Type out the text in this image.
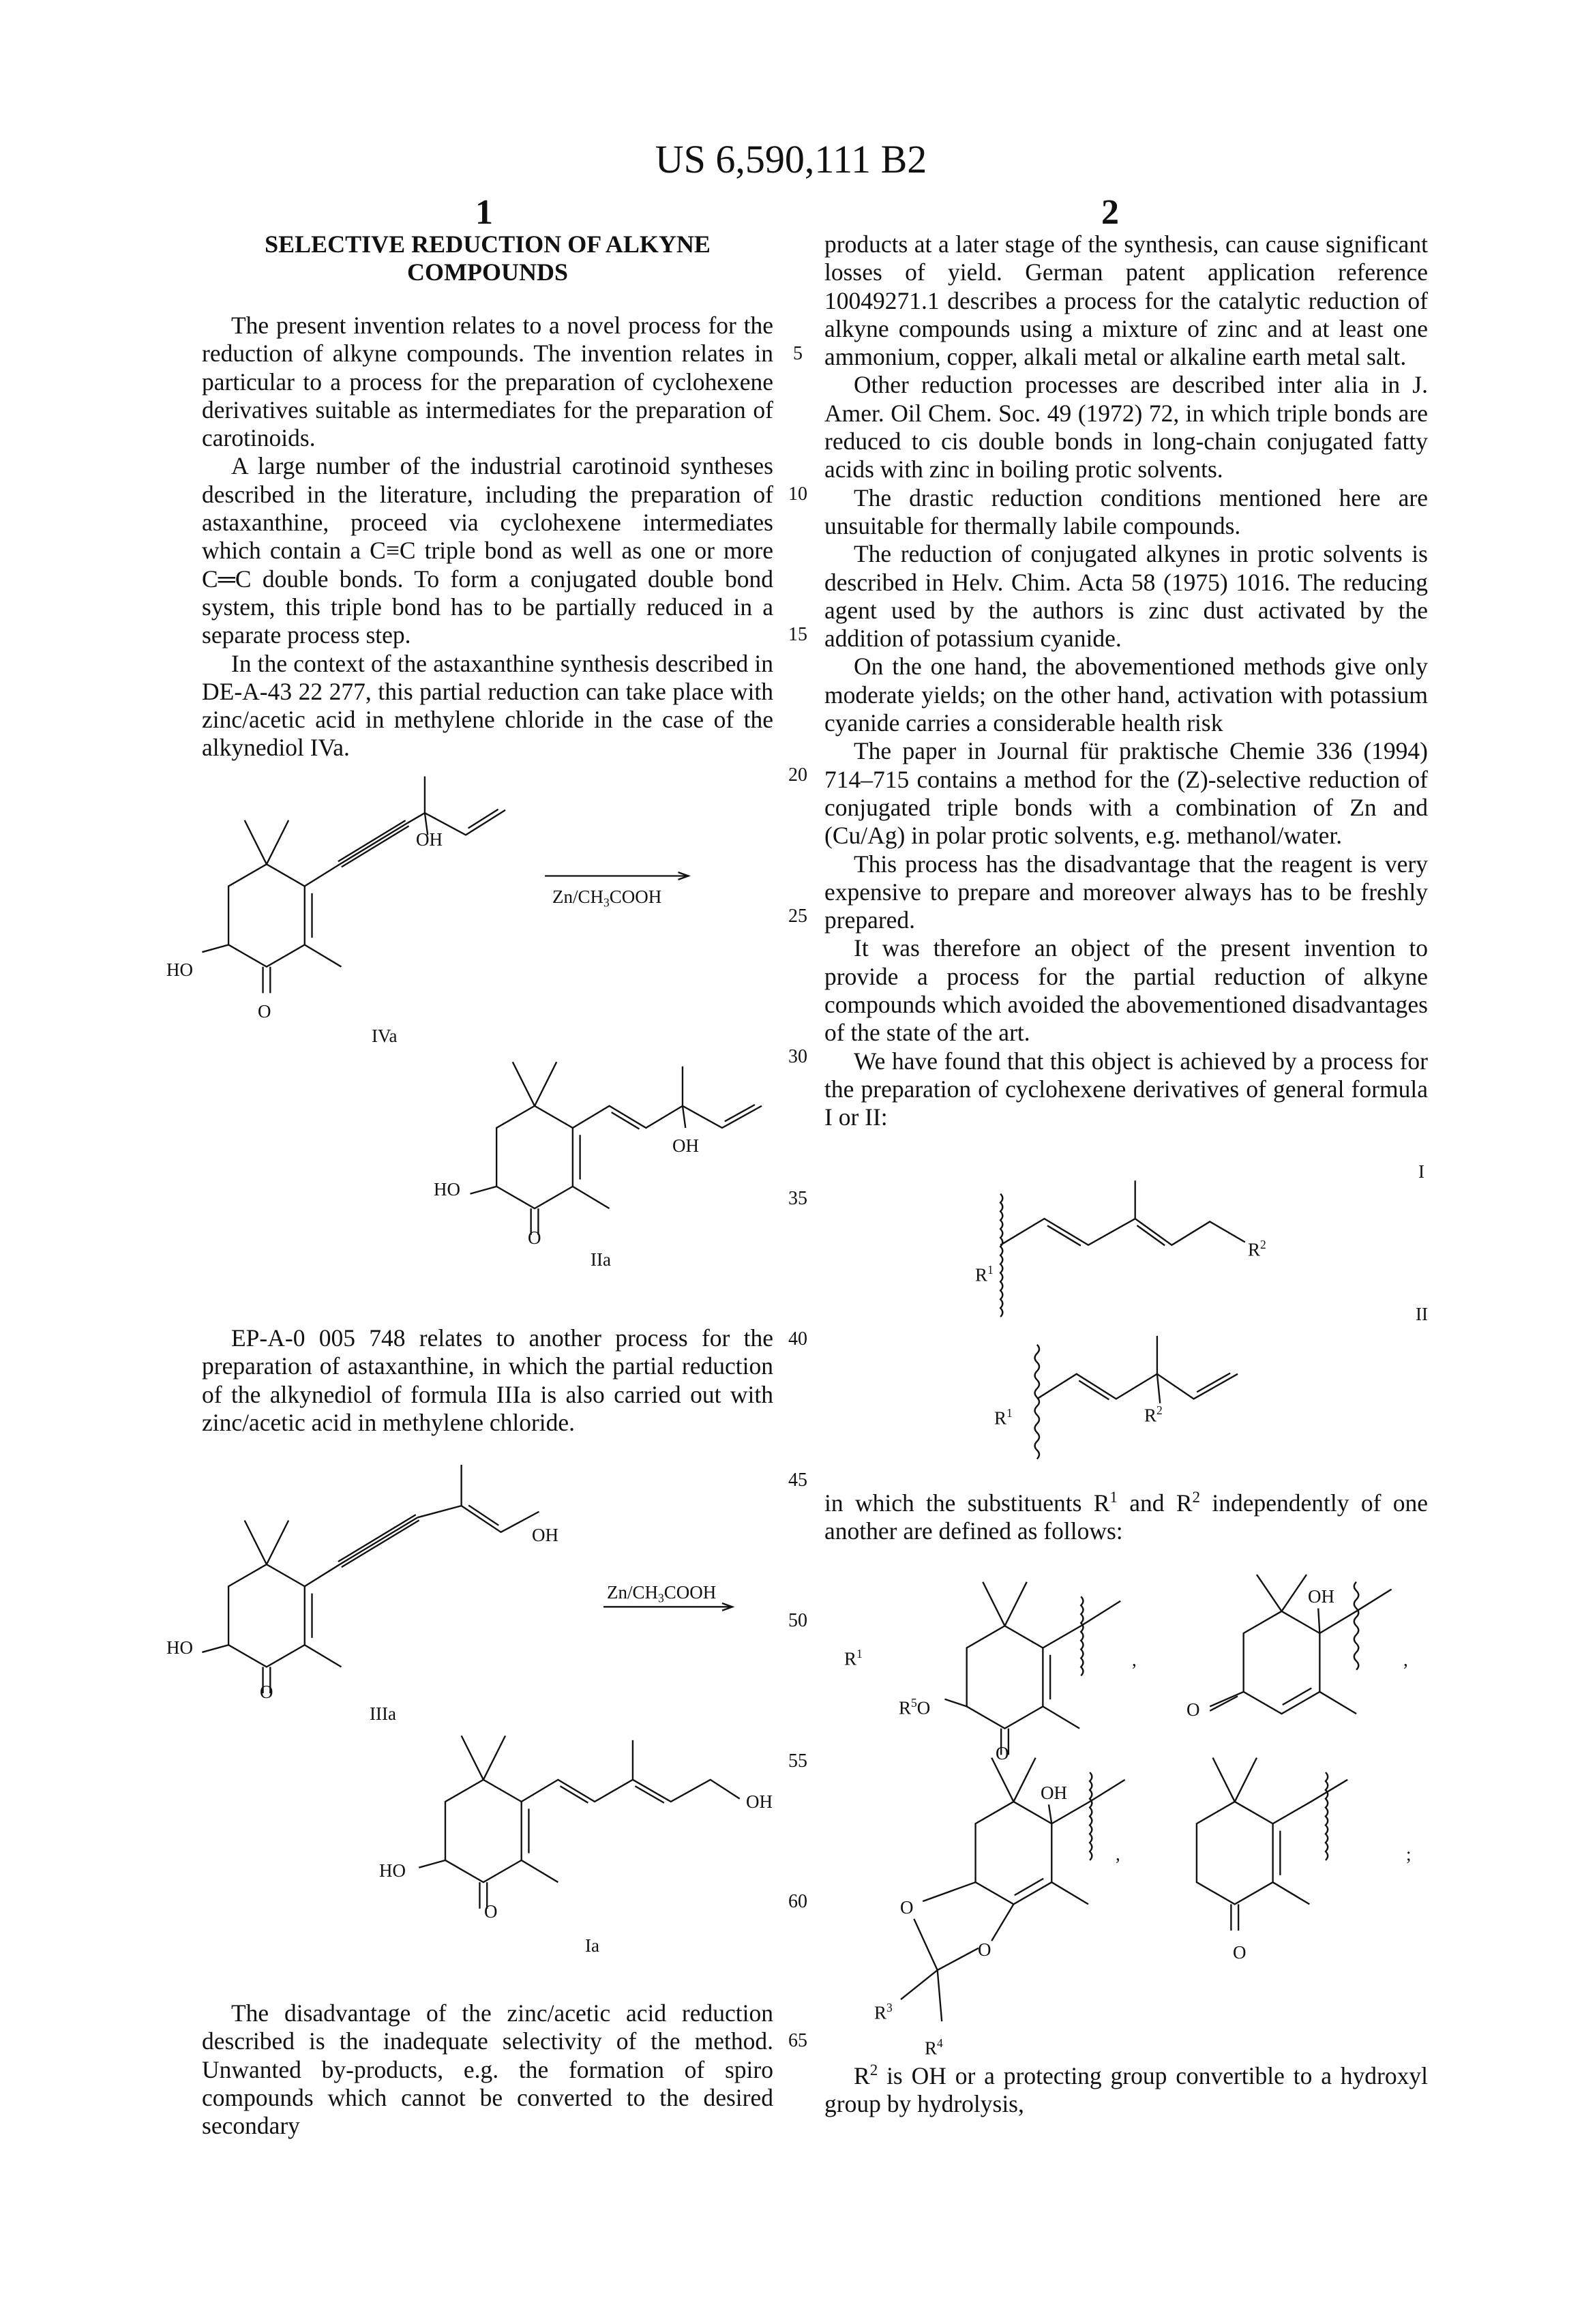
US 6,590,111 B2
1	2
SELECTIVE REDUCTION OF ALKYNE
COMPOUNDS

The present invention relates to a novel process for the reduction of alkyne compounds. The invention relates in particular to a process for the preparation of cyclohexene derivatives suitable as intermediates for the preparation of carotinoids.

A large number of the industrial carotinoid syntheses described in the literature, including the preparation of astaxanthine, proceed via cyclohexene intermediates which contain a C≡C triple bond as well as one or more C═C double bonds. To form a conjugated double bond system, this triple bond has to be partially reduced in a separate process step.

In the context of the astaxanthine synthesis described in DE-A-43 22 277, this partial reduction can take place with zinc/acetic acid in methylene chloride in the case of the alkynediol IVa.

EP-A-0 005 748 relates to another process for the preparation of astaxanthine, in which the partial reduction of the alkynediol of formula IIIa is also carried out with zinc/acetic acid in methylene chloride.

The disadvantage of the zinc/acetic acid reduction described is the inadequate selectivity of the method. Unwanted by-products, e.g. the formation of spiro compounds which cannot be converted to the desired secondary

products at a later stage of the synthesis, can cause significant losses of yield. German patent application reference 10049271.1 describes a process for the catalytic reduction of alkyne compounds using a mixture of zinc and at least one ammonium, copper, alkali metal or alkaline earth metal salt.

Other reduction processes are described inter alia in J. Amer. Oil Chem. Soc. 49 (1972) 72, in which triple bonds are reduced to cis double bonds in long-chain conjugated fatty acids with zinc in boiling protic solvents.

The drastic reduction conditions mentioned here are unsuitable for thermally labile compounds.

The reduction of conjugated alkynes in protic solvents is described in Helv. Chim. Acta 58 (1975) 1016. The reducing agent used by the authors is zinc dust activated by the addition of potassium cyanide.

On the one hand, the abovementioned methods give only moderate yields; on the other hand, activation with potassium cyanide carries a considerable health risk

The paper in Journal für praktische Chemie 336 (1994) 714–715 contains a method for the (Z)-selective reduction of conjugated triple bonds with a combination of Zn and (Cu/Ag) in polar protic solvents, e.g. methanol/water.

This process has the disadvantage that the reagent is very expensive to prepare and moreover always has to be freshly prepared.

It was therefore an object of the present invention to provide a process for the partial reduction of alkyne compounds which avoided the abovementioned disadvantages of the state of the art.

We have found that this object is achieved by a process for the preparation of cyclohexene derivatives of general formula I or II:

in which the substituents R1 and R2 independently of one another are defined as follows:

R2 is OH or a protecting group convertible to a hydroxyl group by hydrolysis,

5
10
15
20
25
30
35
40
45
50
55
60
65
OH
HO
O
IVa
Zn/CH3COOH
OH
HO
O
IIa
OH
Zn/CH3COOH
HO
O
IIIa
OH
HO
O
Ia
I
R1
R2
II
R1	R2
R1
R5O
O
,
OH
O
,
OH
,
O
O
R3
R4
O
;
